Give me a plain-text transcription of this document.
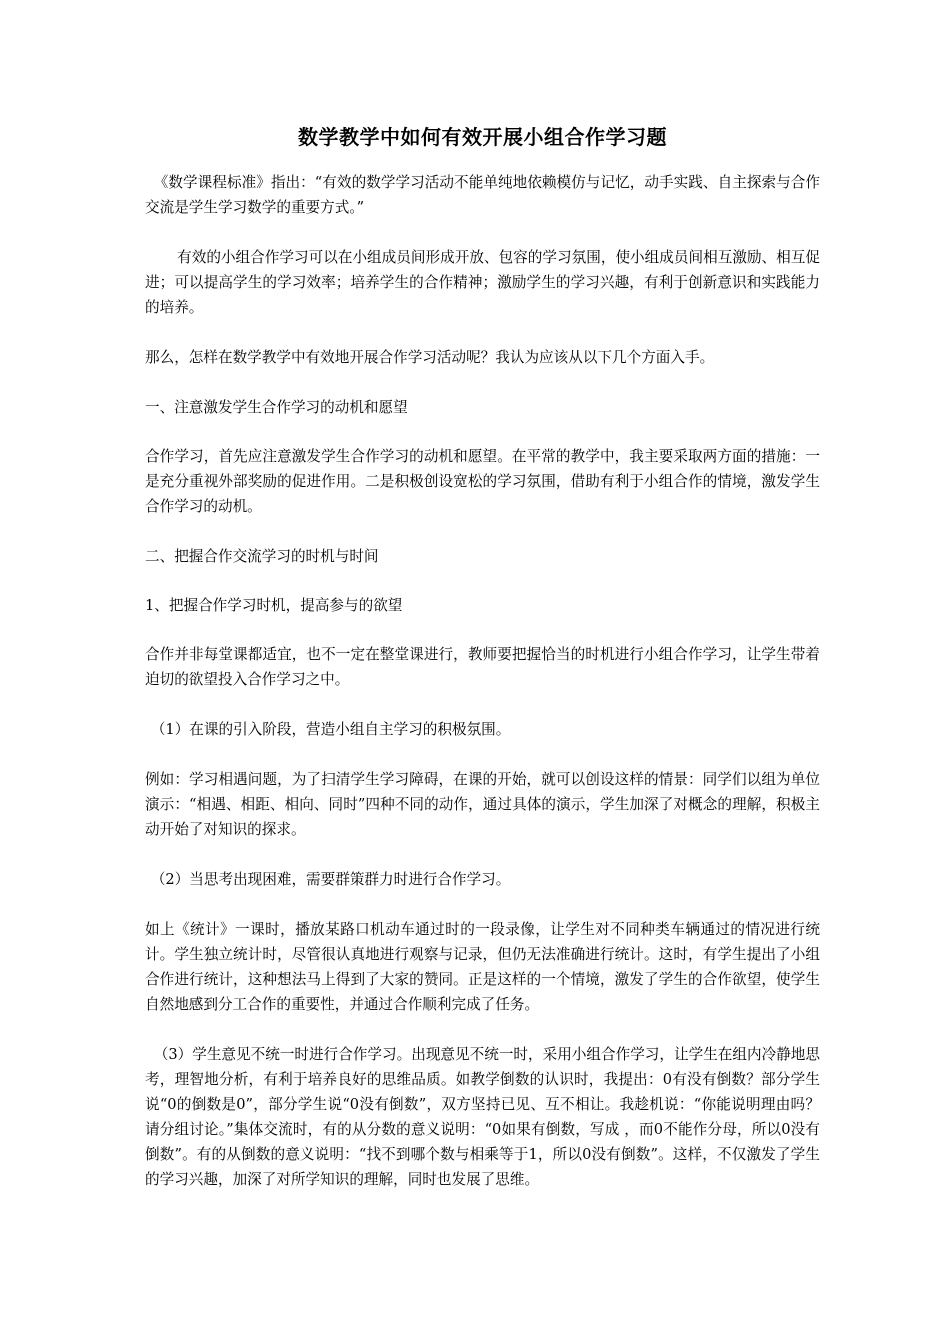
数学教学中如何有效开展小组合作学习题

《数学课程标准》指出：“有效的数学学习活动不能单纯地依赖模仿与记忆，动手实践、自主探索与合作交流是学生学习数学的重要方式。”

有效的小组合作学习可以在小组成员间形成开放、包容的学习氛围，使小组成员间相互激励、相互促进；可以提高学生的学习效率；培养学生的合作精神；激励学生的学习兴趣，有利于创新意识和实践能力的培养。

那么，怎样在数学教学中有效地开展合作学习活动呢？我认为应该从以下几个方面入手。

一、注意激发学生合作学习的动机和愿望

合作学习，首先应注意激发学生合作学习的动机和愿望。在平常的教学中，我主要采取两方面的措施：一是充分重视外部奖励的促进作用。二是积极创设宽松的学习氛围，借助有利于小组合作的情境，激发学生合作学习的动机。

二、把握合作交流学习的时机与时间

1、把握合作学习时机，提高参与的欲望

合作并非每堂课都适宜，也不一定在整堂课进行，教师要把握恰当的时机进行小组合作学习，让学生带着迫切的欲望投入合作学习之中。

（1）在课的引入阶段，营造小组自主学习的积极氛围。

例如：学习相遇问题，为了扫清学生学习障碍，在课的开始，就可以创设这样的情景：同学们以组为单位演示：“相遇、相距、相向、同时”四种不同的动作，通过具体的演示，学生加深了对概念的理解，积极主动开始了对知识的探求。

（2）当思考出现困难，需要群策群力时进行合作学习。

如上《统计》一课时，播放某路口机动车通过时的一段录像，让学生对不同种类车辆通过的情况进行统计。学生独立统计时，尽管很认真地进行观察与记录，但仍无法准确进行统计。这时，有学生提出了小组合作进行统计，这种想法马上得到了大家的赞同。正是这样的一个情境，激发了学生的合作欲望，使学生自然地感到分工合作的重要性，并通过合作顺利完成了任务。

（3）学生意见不统一时进行合作学习。出现意见不统一时，采用小组合作学习，让学生在组内冷静地思考，理智地分析，有利于培养良好的思维品质。如教学倒数的认识时，我提出：0有没有倒数？部分学生说“0的倒数是0”，部分学生说“0没有倒数”，双方坚持已见、互不相让。我趁机说：“你能说明理由吗？请分组讨论。”集体交流时，有的从分数的意义说明：“0如果有倒数，写成 ，而0不能作分母，所以0没有倒数”。有的从倒数的意义说明：“找不到哪个数与相乘等于1，所以0没有倒数”。这样，不仅激发了学生的学习兴趣，加深了对所学知识的理解，同时也发展了思维。
